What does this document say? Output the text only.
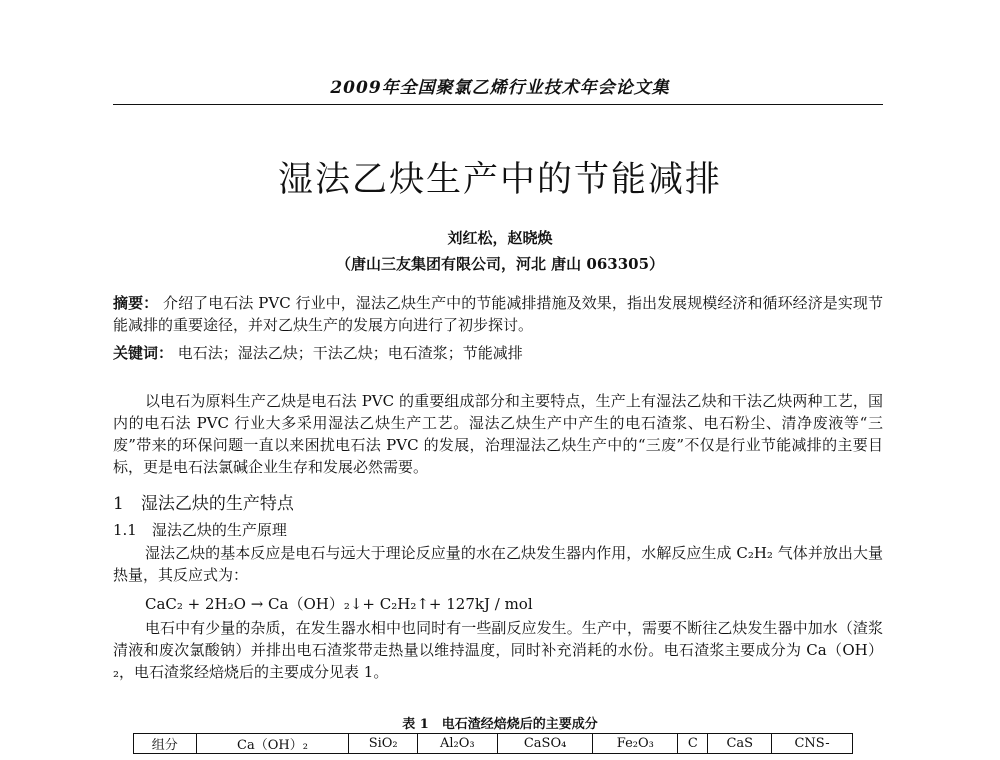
2009年全国聚氯乙烯行业技术年会论文集
湿法乙炔生产中的节能减排
刘红松，赵晓焕
（唐山三友集团有限公司，河北 唐山 063305）

摘要： 介绍了电石法 PVC 行业中，湿法乙炔生产中的节能减排措施及效果，指出发展规模经济和循环经济是实现节能减排的重要途径，并对乙炔生产的发展方向进行了初步探讨。

关键词： 电石法；湿法乙炔；干法乙炔；电石渣浆；节能减排

以电石为原料生产乙炔是电石法 PVC 的重要组成部分和主要特点，生产上有湿法乙炔和干法乙炔两种工艺，国内的电石法 PVC 行业大多采用湿法乙炔生产工艺。湿法乙炔生产中产生的电石渣浆、电石粉尘、清净废液等“三废”带来的环保问题一直以来困扰电石法 PVC 的发展，治理湿法乙炔生产中的“三废”不仅是行业节能减排的主要目标，更是电石法氯碱企业生存和发展必然需要。

1　湿法乙炔的生产特点

1.1　湿法乙炔的生产原理

湿法乙炔的基本反应是电石与远大于理论反应量的水在乙炔发生器内作用，水解反应生成 C₂H₂ 气体并放出大量热量，其反应式为：

CaC₂ + 2H₂O → Ca（OH）₂↓+ C₂H₂↑+ 127kJ / mol

电石中有少量的杂质，在发生器水相中也同时有一些副反应发生。生产中，需要不断往乙炔发生器中加水（渣浆清液和废次氯酸钠）并排出电石渣浆带走热量以维持温度，同时补充消耗的水份。电石渣浆主要成分为 Ca（OH）₂，电石渣浆经焙烧后的主要成分见表 1。

表 1　电石渣经焙烧后的主要成分
组分	Ca（OH）₂	SiO₂	Al₂O₃	CaSO₄	Fe₂O₃	C	CaS	CNS-
